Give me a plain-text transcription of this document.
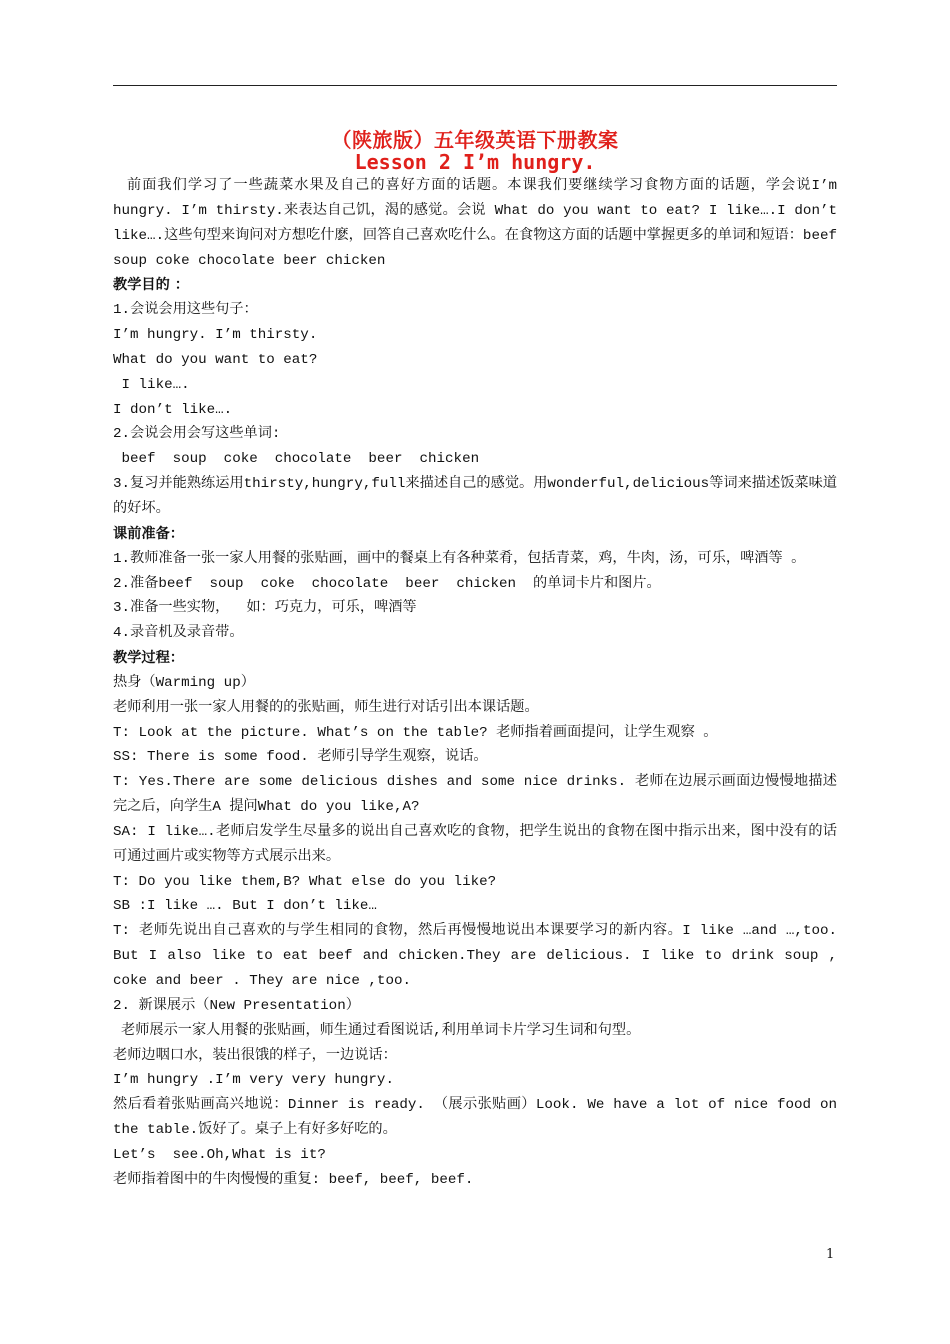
（陕旅版）五年级英语下册教案
Lesson 2 I’m hungry.

前面我们学习了一些蔬菜水果及自己的喜好方面的话题。本课我们要继续学习食物方面的话题，学会说I’m hungry. I’m thirsty.来表达自己饥，渴的感觉。会说 What do you want to eat? I like….I don’t like….这些句型来询问对方想吃什麽，回答自己喜欢吃什么。在食物这方面的话题中掌握更多的单词和短语：beef soup coke chocolate beer chicken

教学目的 ：

1.会说会用这些句子：

I’m hungry. I’m thirsty.

What do you want to eat?

I like….

I don’t like….

2.会说会用会写这些单词:

beef  soup  coke  chocolate  beer  chicken

3.复习并能熟练运用thirsty,hungry,full来描述自己的感觉。用wonderful,delicious等词来描述饭菜味道的好坏。

课前准备：

1.教师准备一张一家人用餐的张贴画，画中的餐桌上有各种菜肴，包括青菜，鸡，牛肉，汤，可乐，啤酒等 。

2.准备beef  soup  coke  chocolate  beer  chicken  的单词卡片和图片。

3.准备一些实物，  如：巧克力，可乐，啤酒等

4.录音机及录音带。

教学过程：

热身（Warming up）

老师利用一张一家人用餐的的张贴画，师生进行对话引出本课话题。

T: Look at the picture. What’s on the table? 老师指着画面提问，让学生观察 。

SS: There is some food. 老师引导学生观察，说话。

T: Yes.There are some delicious dishes and some nice drinks. 老师在边展示画面边慢慢地描述完之后，向学生A 提问What do you like,A?

SA: I like….老师启发学生尽量多的说出自己喜欢吃的食物，把学生说出的食物在图中指示出来，图中没有的话可通过画片或实物等方式展示出来。

T: Do you like them,B? What else do you like?

SB :I like …. But I don’t like…

T: 老师先说出自己喜欢的与学生相同的食物，然后再慢慢地说出本课要学习的新内容。I like …and …,too. But I also like to eat beef and chicken.They are delicious. I like to drink soup , coke and beer . They are nice ,too.

2. 新课展示（New Presentation）

老师展示一家人用餐的张贴画，师生通过看图说话,利用单词卡片学习生词和句型。

老师边咽口水，装出很饿的样子，一边说话：

I’m hungry .I’m very very hungry.

然后看着张贴画高兴地说：Dinner is ready. （展示张贴画）Look. We have a lot of nice food on the table.饭好了。桌子上有好多好吃的。

Let’s  see.Oh,What is it?

老师指着图中的牛肉慢慢的重复: beef, beef, beef.

1
